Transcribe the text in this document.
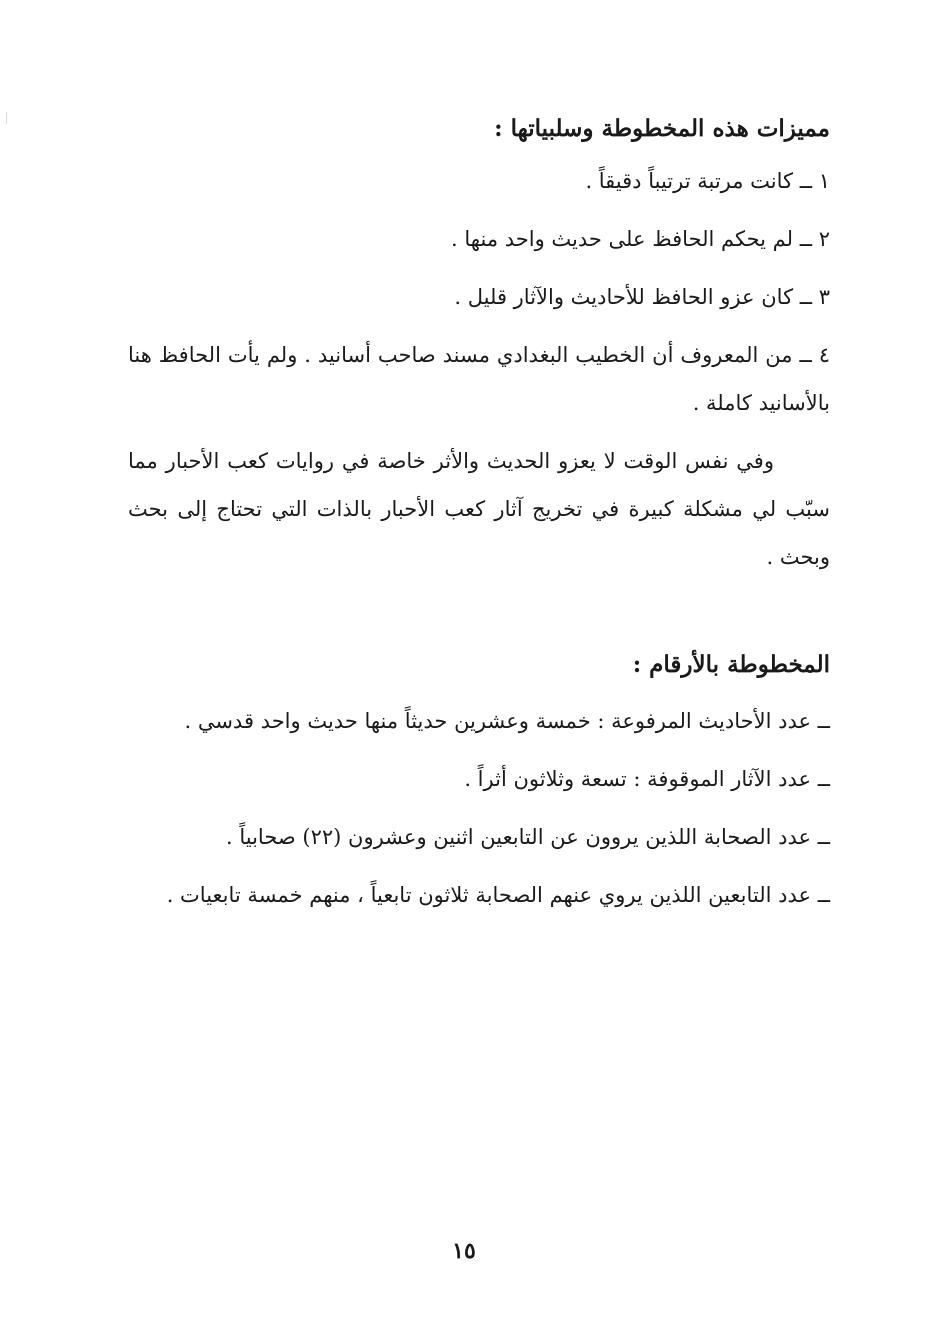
مميزات هذه المخطوطة وسلبياتها :

١ ــ كانت مرتبة ترتيباً دقيقاً .

٢ ــ لم يحكم الحافظ على حديث واحد منها .

٣ ــ كان عزو الحافظ للأحاديث والآثار قليل .

٤ ــ من المعروف أن الخطيب البغدادي مسند صاحب أسانيد . ولم يأت الحافظ هنا بالأسانيد كاملة .

وفي نفس الوقت لا يعزو الحديث والأثر خاصة في روايات كعب الأحبار مما سبّب لي مشكلة كبيرة في تخريج آثار كعب الأحبار بالذات التي تحتاج إلى بحث وبحث .

المخطوطة بالأرقام :

ــ عدد الأحاديث المرفوعة : خمسة وعشرين حديثاً منها حديث واحد قدسي .

ــ عدد الآثار الموقوفة : تسعة وثلاثون أثراً .

ــ عدد الصحابة اللذين يروون عن التابعين اثنين وعشرون (٢٢) صحابياً .

ــ عدد التابعين اللذين يروي عنهم الصحابة ثلاثون تابعياً ، منهم خمسة تابعيات .

١٥
